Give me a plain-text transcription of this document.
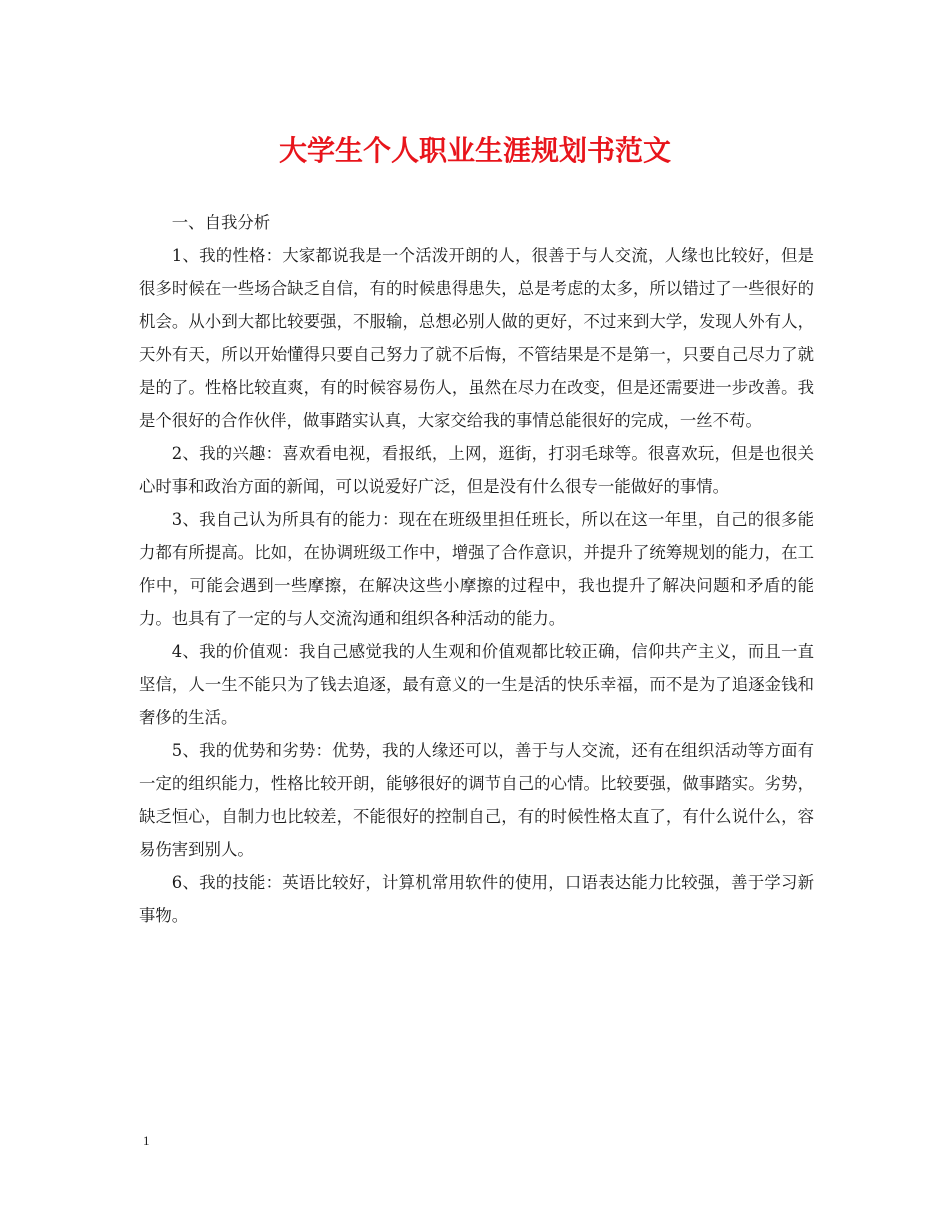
大学生个人职业生涯规划书范文

一、自我分析

1、我的性格：大家都说我是一个活泼开朗的人，很善于与人交流，人缘也比较好，但是很多时候在一些场合缺乏自信，有的时候患得患失，总是考虑的太多，所以错过了一些很好的机会。从小到大都比较要强，不服输，总想必别人做的更好，不过来到大学，发现人外有人，天外有天，所以开始懂得只要自己努力了就不后悔，不管结果是不是第一，只要自己尽力了就是的了。性格比较直爽，有的时候容易伤人，虽然在尽力在改变，但是还需要进一步改善。我是个很好的合作伙伴，做事踏实认真，大家交给我的事情总能很好的完成，一丝不苟。

2、我的兴趣：喜欢看电视，看报纸，上网，逛街，打羽毛球等。很喜欢玩，但是也很关心时事和政治方面的新闻，可以说爱好广泛，但是没有什么很专一能做好的事情。

3、我自己认为所具有的能力：现在在班级里担任班长，所以在这一年里，自己的很多能力都有所提高。比如，在协调班级工作中，增强了合作意识，并提升了统筹规划的能力，在工作中，可能会遇到一些摩擦，在解决这些小摩擦的过程中，我也提升了解决问题和矛盾的能力。也具有了一定的与人交流沟通和组织各种活动的能力。

4、我的价值观：我自己感觉我的人生观和价值观都比较正确，信仰共产主义，而且一直坚信，人一生不能只为了钱去追逐，最有意义的一生是活的快乐幸福，而不是为了追逐金钱和奢侈的生活。

5、我的优势和劣势：优势，我的人缘还可以，善于与人交流，还有在组织活动等方面有一定的组织能力，性格比较开朗，能够很好的调节自己的心情。比较要强，做事踏实。劣势，缺乏恒心，自制力也比较差，不能很好的控制自己，有的时候性格太直了，有什么说什么，容易伤害到别人。

6、我的技能：英语比较好，计算机常用软件的使用，口语表达能力比较强，善于学习新事物。

1
